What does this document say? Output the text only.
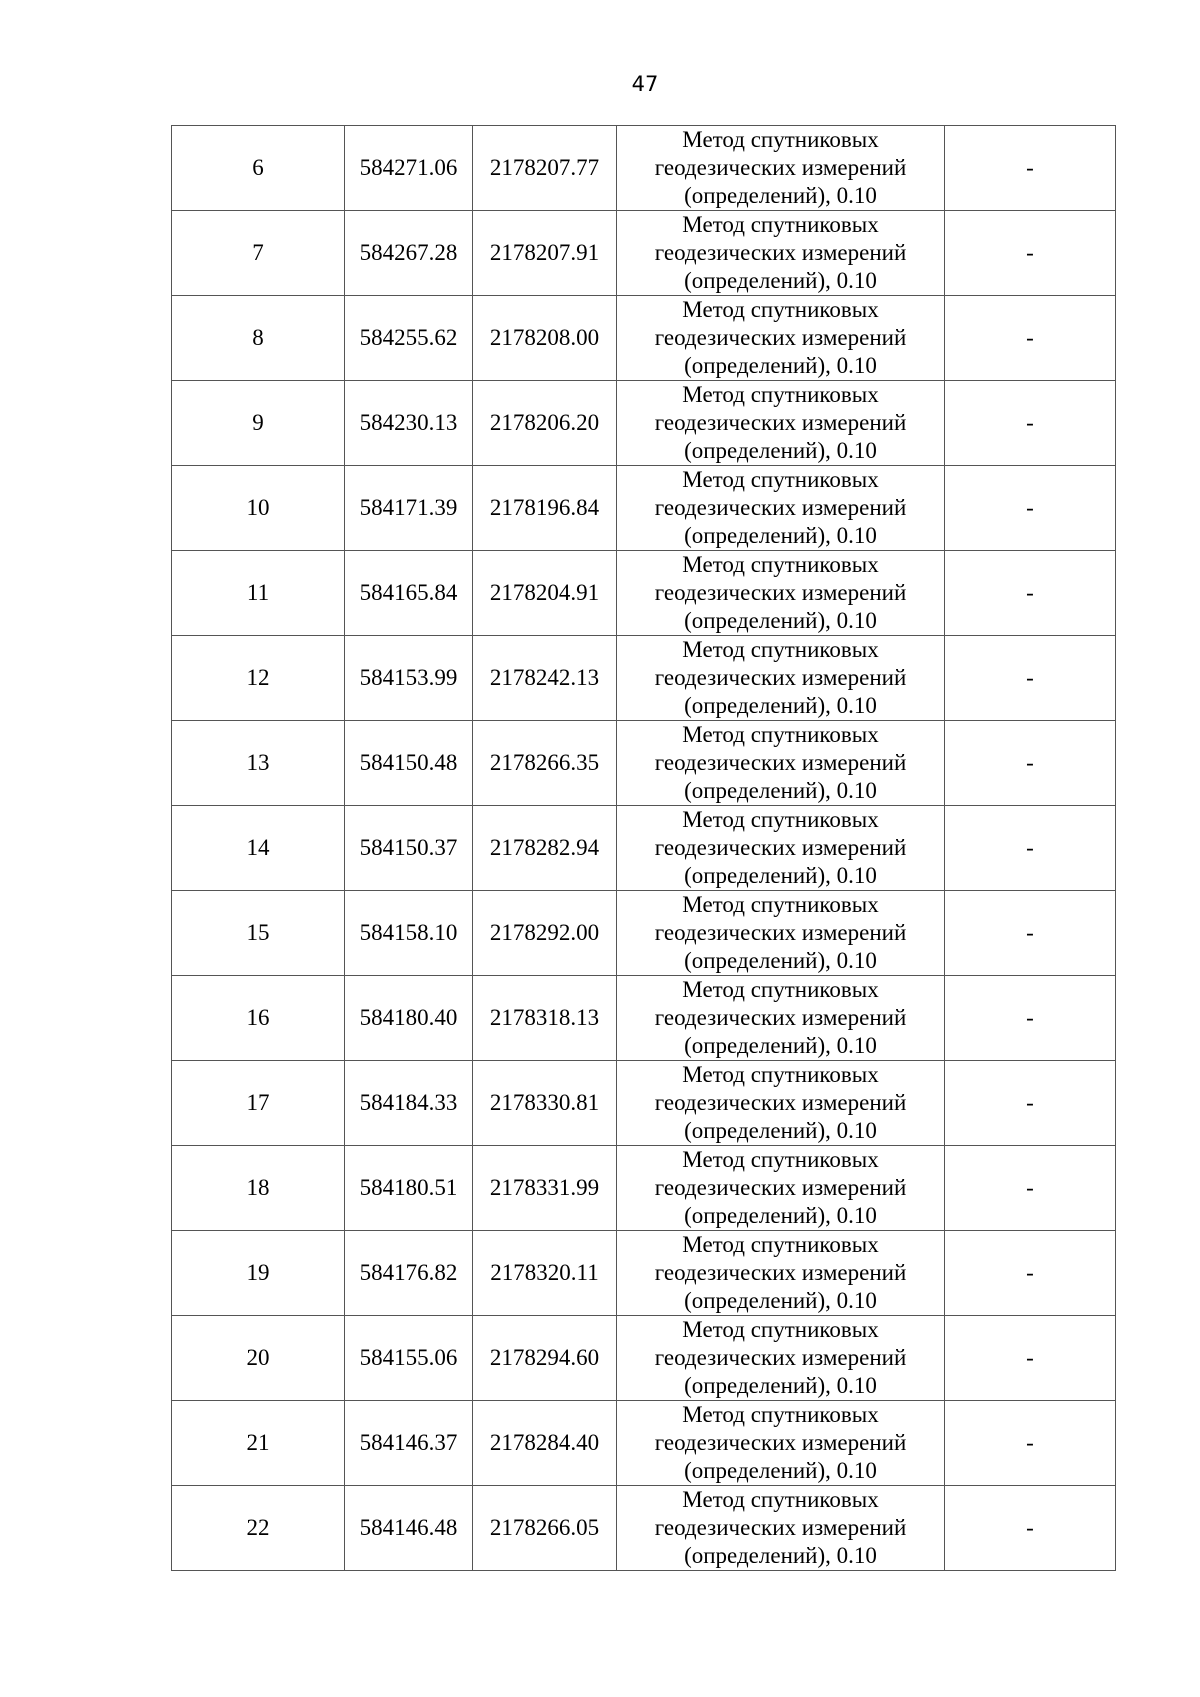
47
6	584271.06	2178207.77	Метод спутниковых
геодезических измерений
(определений), 0.10	-
7	584267.28	2178207.91	Метод спутниковых
геодезических измерений
(определений), 0.10	-
8	584255.62	2178208.00	Метод спутниковых
геодезических измерений
(определений), 0.10	-
9	584230.13	2178206.20	Метод спутниковых
геодезических измерений
(определений), 0.10	-
10	584171.39	2178196.84	Метод спутниковых
геодезических измерений
(определений), 0.10	-
11	584165.84	2178204.91	Метод спутниковых
геодезических измерений
(определений), 0.10	-
12	584153.99	2178242.13	Метод спутниковых
геодезических измерений
(определений), 0.10	-
13	584150.48	2178266.35	Метод спутниковых
геодезических измерений
(определений), 0.10	-
14	584150.37	2178282.94	Метод спутниковых
геодезических измерений
(определений), 0.10	-
15	584158.10	2178292.00	Метод спутниковых
геодезических измерений
(определений), 0.10	-
16	584180.40	2178318.13	Метод спутниковых
геодезических измерений
(определений), 0.10	-
17	584184.33	2178330.81	Метод спутниковых
геодезических измерений
(определений), 0.10	-
18	584180.51	2178331.99	Метод спутниковых
геодезических измерений
(определений), 0.10	-
19	584176.82	2178320.11	Метод спутниковых
геодезических измерений
(определений), 0.10	-
20	584155.06	2178294.60	Метод спутниковых
геодезических измерений
(определений), 0.10	-
21	584146.37	2178284.40	Метод спутниковых
геодезических измерений
(определений), 0.10	-
22	584146.48	2178266.05	Метод спутниковых
геодезических измерений
(определений), 0.10	-
